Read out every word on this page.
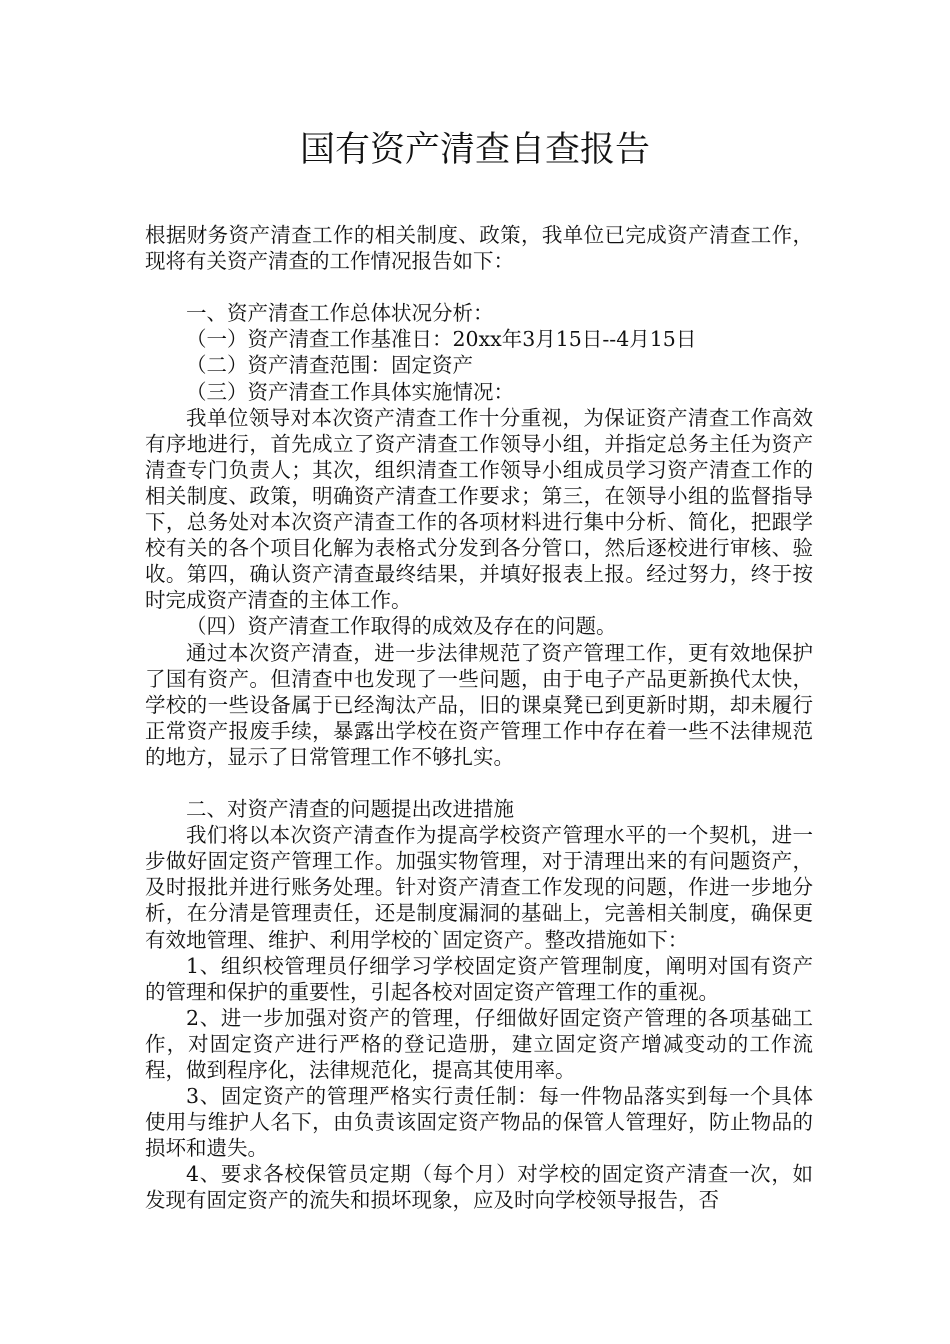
国有资产清查自查报告

根据财务资产清查工作的相关制度、政策，我单位已完成资产清查工作，现将有关资产清查的工作情况报告如下：

一、资产清查工作总体状况分析：

（一）资产清查工作基准日：20xx年3月15日--4月15日

（二）资产清查范围：固定资产

（三）资产清查工作具体实施情况：

我单位领导对本次资产清查工作十分重视，为保证资产清查工作高效有序地进行，首先成立了资产清查工作领导小组，并指定总务主任为资产清查专门负责人；其次，组织清查工作领导小组成员学习资产清查工作的相关制度、政策，明确资产清查工作要求；第三，在领导小组的监督指导下，总务处对本次资产清查工作的各项材料进行集中分析、简化，把跟学校有关的各个项目化解为表格式分发到各分管口，然后逐校进行审核、验收。第四，确认资产清查最终结果，并填好报表上报。经过努力，终于按时完成资产清查的主体工作。

（四）资产清查工作取得的成效及存在的问题。

通过本次资产清查，进一步法律规范了资产管理工作，更有效地保护了国有资产。但清查中也发现了一些问题，由于电子产品更新换代太快，学校的一些设备属于已经淘汰产品，旧的课桌凳已到更新时期，却未履行正常资产报废手续，暴露出学校在资产管理工作中存在着一些不法律规范的地方，显示了日常管理工作不够扎实。

二、对资产清查的问题提出改进措施

我们将以本次资产清查作为提高学校资产管理水平的一个契机，进一步做好固定资产管理工作。加强实物管理，对于清理出来的有问题资产，及时报批并进行账务处理。针对资产清查工作发现的问题，作进一步地分析，在分清是管理责任，还是制度漏洞的基础上，完善相关制度，确保更有效地管理、维护、利用学校的`固定资产。整改措施如下：

1、组织校管理员仔细学习学校固定资产管理制度，阐明对国有资产的管理和保护的重要性，引起各校对固定资产管理工作的重视。

2、进一步加强对资产的管理，仔细做好固定资产管理的各项基础工作，对固定资产进行严格的登记造册，建立固定资产增减变动的工作流程，做到程序化，法律规范化，提高其使用率。

3、固定资产的管理严格实行责任制：每一件物品落实到每一个具体使用与维护人名下，由负责该固定资产物品的保管人管理好，防止物品的损坏和遗失。

4、要求各校保管员定期（每个月）对学校的固定资产清查一次，如发现有固定资产的流失和损坏现象，应及时向学校领导报告，否
